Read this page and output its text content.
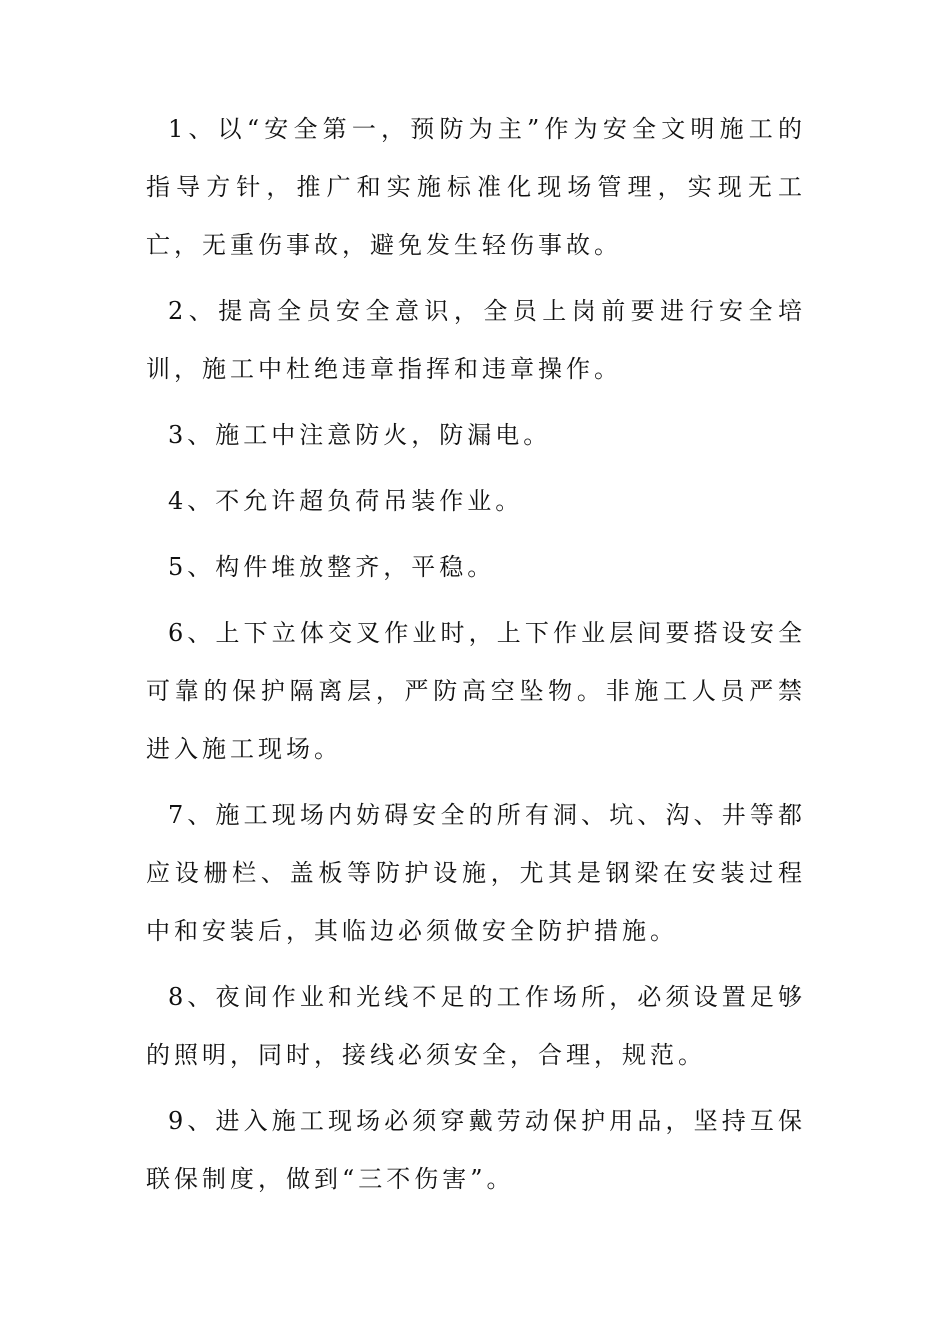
1、以“安全第一，预防为主”作为安全文明施工的指导方针，推广和实施标准化现场管理，实现无工亡，无重伤事故，避免发生轻伤事故。

2、提高全员安全意识，全员上岗前要进行安全培训，施工中杜绝违章指挥和违章操作。

3、施工中注意防火，防漏电。

4、不允许超负荷吊装作业。

5、构件堆放整齐，平稳。

6、上下立体交叉作业时，上下作业层间要搭设安全可靠的保护隔离层，严防高空坠物。非施工人员严禁进入施工现场。

7、施工现场内妨碍安全的所有洞、坑、沟、井等都应设栅栏、盖板等防护设施，尤其是钢梁在安装过程中和安装后，其临边必须做安全防护措施。

8、夜间作业和光线不足的工作场所，必须设置足够的照明，同时，接线必须安全，合理，规范。

9、进入施工现场必须穿戴劳动保护用品，坚持互保联保制度，做到“三不伤害”。
